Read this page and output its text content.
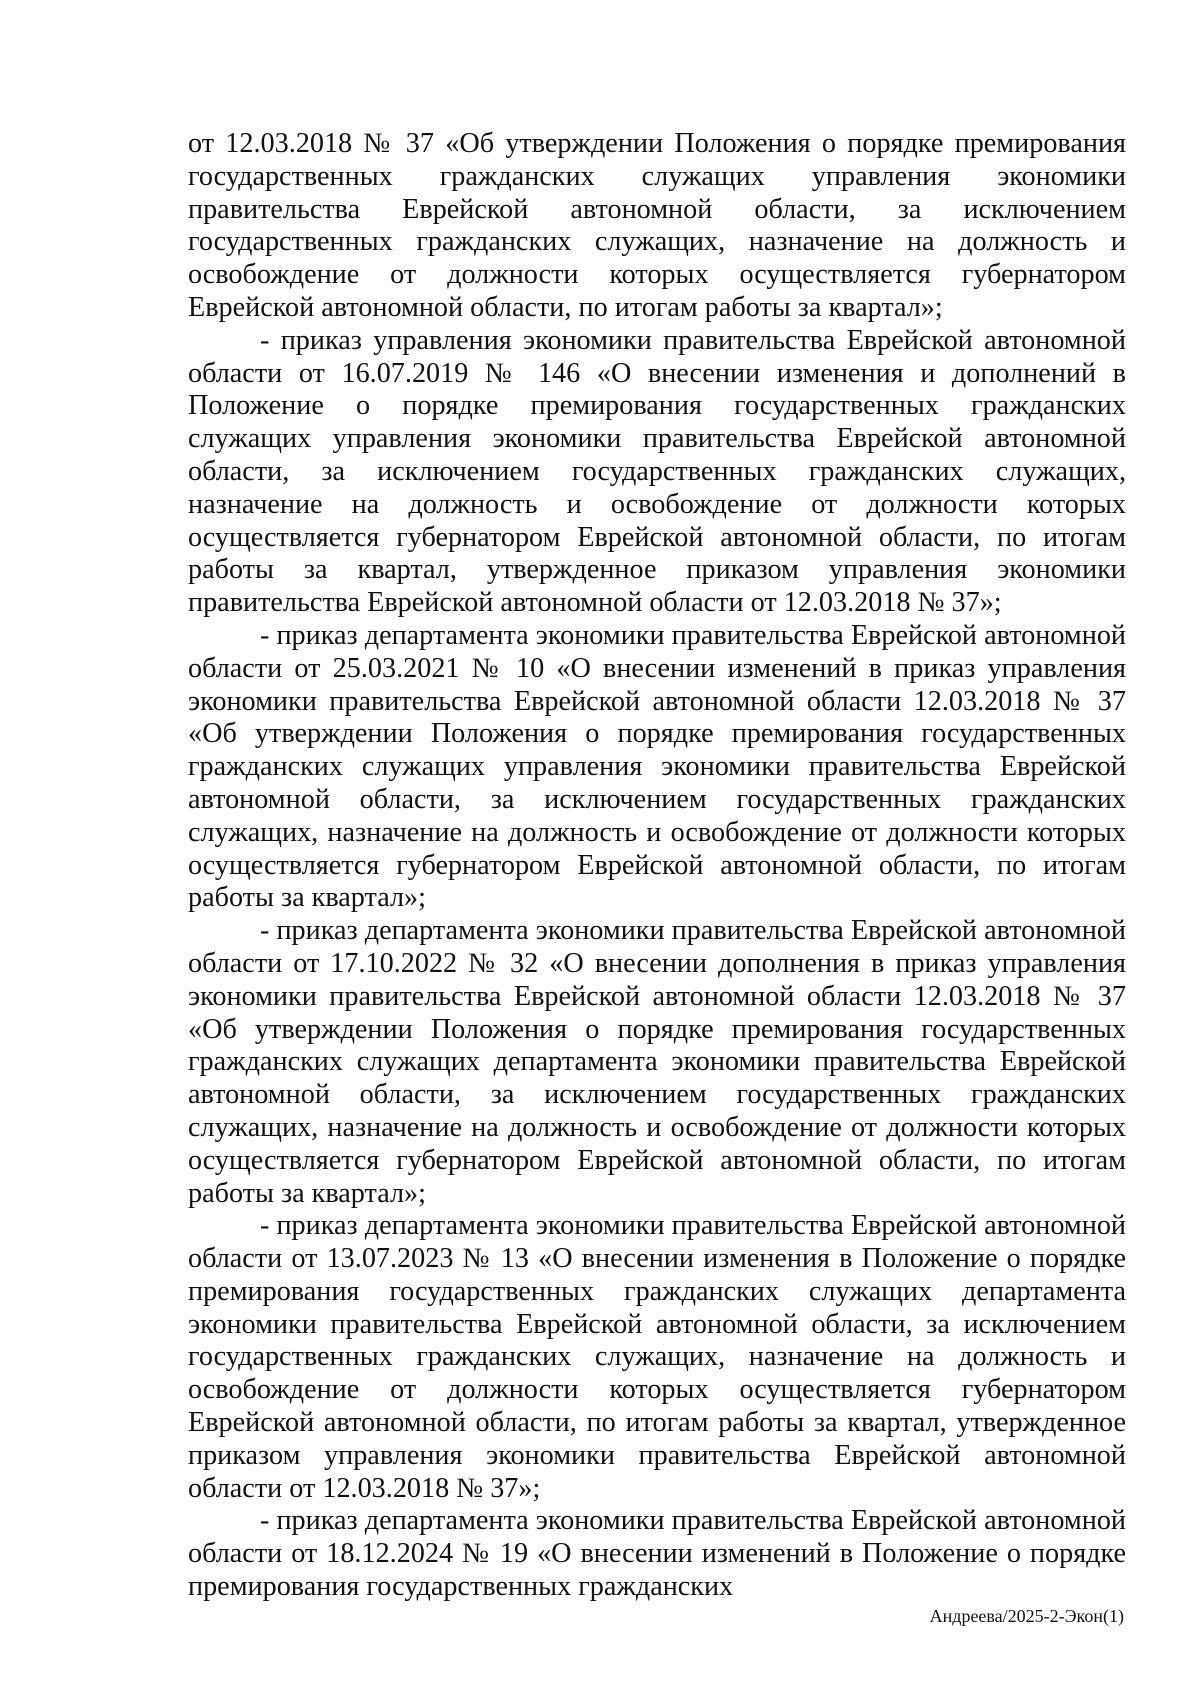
от 12.03.2018 № 37 «Об утверждении Положения о порядке премирования государственных гражданских служащих управления экономики правительства Еврейской автономной области, за исключением государственных гражданских служащих, назначение на должность и освобождение от должности которых осуществляется губернатором Еврейской автономной области, по итогам работы за квартал»;

- приказ управления экономики правительства Еврейской автономной области от 16.07.2019 № 146 «О внесении изменения и дополнений в Положение о порядке премирования государственных гражданских служащих управления экономики правительства Еврейской автономной области, за исключением государственных гражданских служащих, назначение на должность и освобождение от должности которых осуществляется губернатором Еврейской автономной области, по итогам работы за квартал, утвержденное приказом управления экономики правительства Еврейской автономной области от 12.03.2018 № 37»;

- приказ департамента экономики правительства Еврейской автономной области от 25.03.2021 № 10 «О внесении изменений в приказ управления экономики правительства Еврейской автономной области 12.03.2018 № 37 «Об утверждении Положения о порядке премирования государственных гражданских служащих управления экономики правительства Еврейской автономной области, за исключением государственных гражданских служащих, назначение на должность и освобождение от должности которых осуществляется губернатором Еврейской автономной области, по итогам работы за квартал»;

- приказ департамента экономики правительства Еврейской автономной области от 17.10.2022 № 32 «О внесении дополнения в приказ управления экономики правительства Еврейской автономной области 12.03.2018 № 37 «Об утверждении Положения о порядке премирования государственных гражданских служащих департамента экономики правительства Еврейской автономной области, за исключением государственных гражданских служащих, назначение на должность и освобождение от должности которых осуществляется губернатором Еврейской автономной области, по итогам работы за квартал»;

- приказ департамента экономики правительства Еврейской автономной области от 13.07.2023 № 13 «О внесении изменения в Положение о порядке премирования государственных гражданских служащих департамента экономики правительства Еврейской автономной области, за исключением государственных гражданских служащих, назначение на должность и освобождение от должности которых осуществляется губернатором Еврейской автономной области, по итогам работы за квартал, утвержденное приказом управления экономики правительства Еврейской автономной области от 12.03.2018 № 37»;

- приказ департамента экономики правительства Еврейской автономной области от 18.12.2024 № 19 «О внесении изменений в Положение о порядке премирования государственных гражданских

Андреева/2025-2-Экон(1)
